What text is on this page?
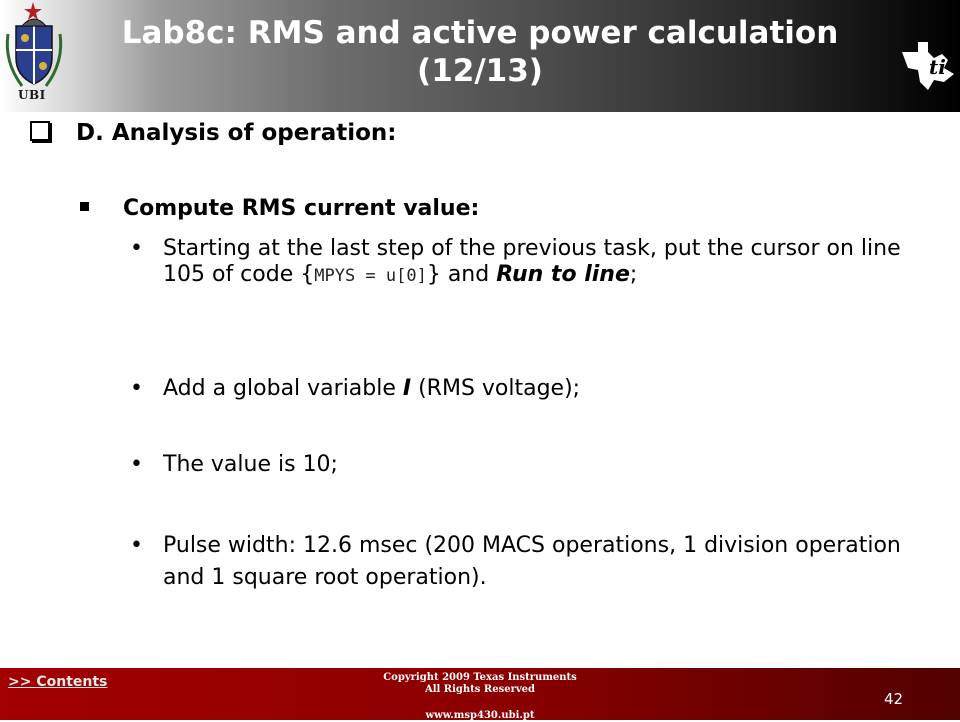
UBI
Lab8c: RMS and active power calculation
(12/13)	ti
D. Analysis of operation:
Compute RMS current value:
• Starting at the last step of the previous task, put the cursor on line 105 of code {MPYS = u[0]} and Run to line;
• Add a global variable I (RMS voltage);
• The value is 10;
• Pulse width: 12.6 msec (200 MACS operations, 1 division operation and 1 square root operation).
>> Contents	Copyright 2009 Texas Instruments
All Rights Reserved
www.msp430.ubi.pt
42
